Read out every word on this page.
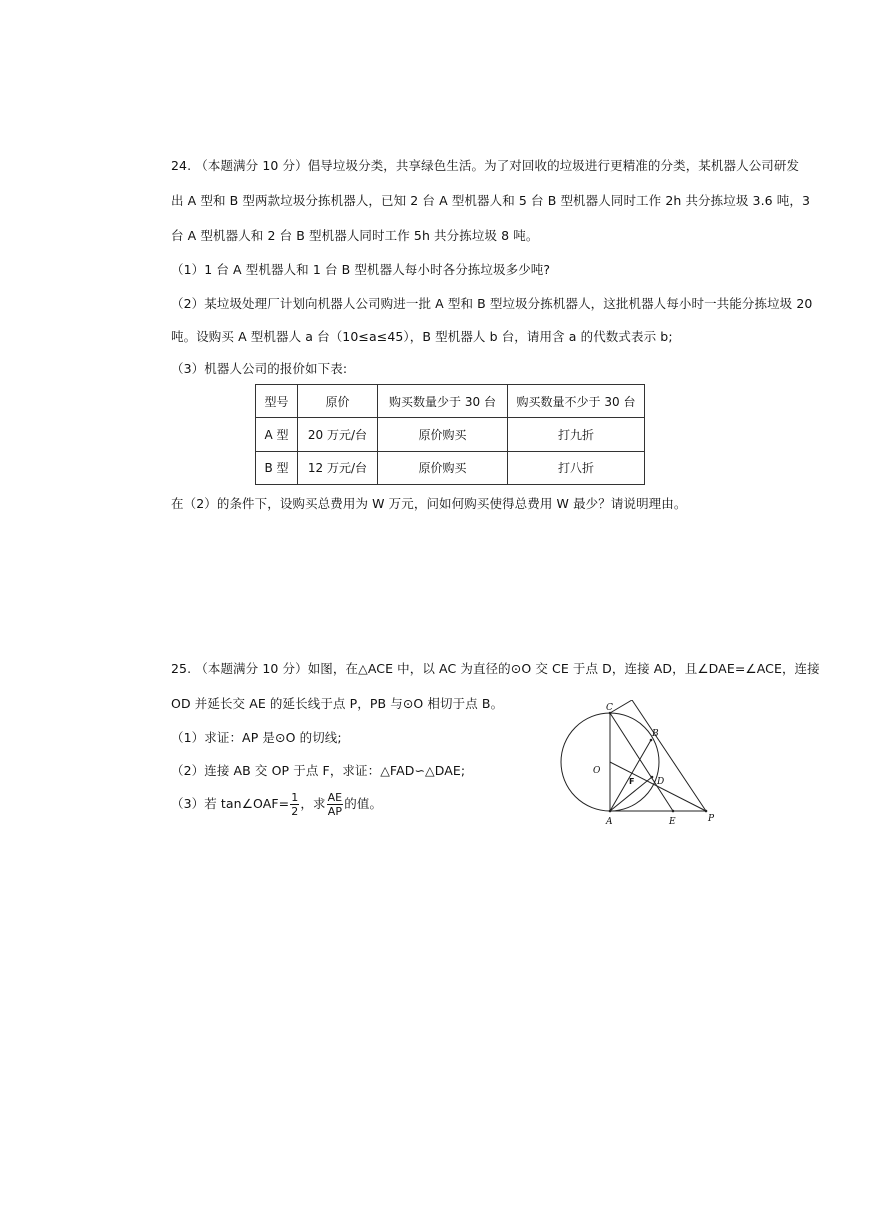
24. （本题满分 10 分）倡导垃圾分类，共享绿色生活。为了对回收的垃圾进行更精准的分类，某机器人公司研发
出 A 型和 B 型两款垃圾分拣机器人，已知 2 台 A 型机器人和 5 台 B 型机器人同时工作 2h 共分拣垃圾 3.6 吨，3
台 A 型机器人和 2 台 B 型机器人同时工作 5h 共分拣垃圾 8 吨。
（1）1 台 A 型机器人和 1 台 B 型机器人每小时各分拣垃圾多少吨?
（2）某垃圾处理厂计划向机器人公司购进一批 A 型和 B 型垃圾分拣机器人，这批机器人每小时一共能分拣垃圾 20
吨。设购买 A 型机器人 a 台（10≤a≤45），B 型机器人 b 台，请用含 a 的代数式表示 b;
（3）机器人公司的报价如下表:
型号	原价	购买数量少于 30 台	购买数量不少于 30 台
A 型	20 万元/台	原价购买	打九折
B 型	12 万元/台	原价购买	打八折
在（2）的条件下，设购买总费用为 W 万元，问如何购买使得总费用 W 最少？请说明理由。
25. （本题满分 10 分）如图，在△ACE 中，以 AC 为直径的⊙O 交 CE 于点 D，连接 AD，且∠DAE=∠ACE，连接
OD 并延长交 AE 的延长线于点 P，PB 与⊙O 相切于点 B。
（1）求证：AP 是⊙O 的切线;
（2）连接 AB 交 OP 于点 F，求证：△FAD∽△DAE;
（3）若 tan∠OAF= $\frac{1}{2}$ ，求 $\frac{AE}{AP}$ 的值。
C
B
O
F	D
A	E	P
